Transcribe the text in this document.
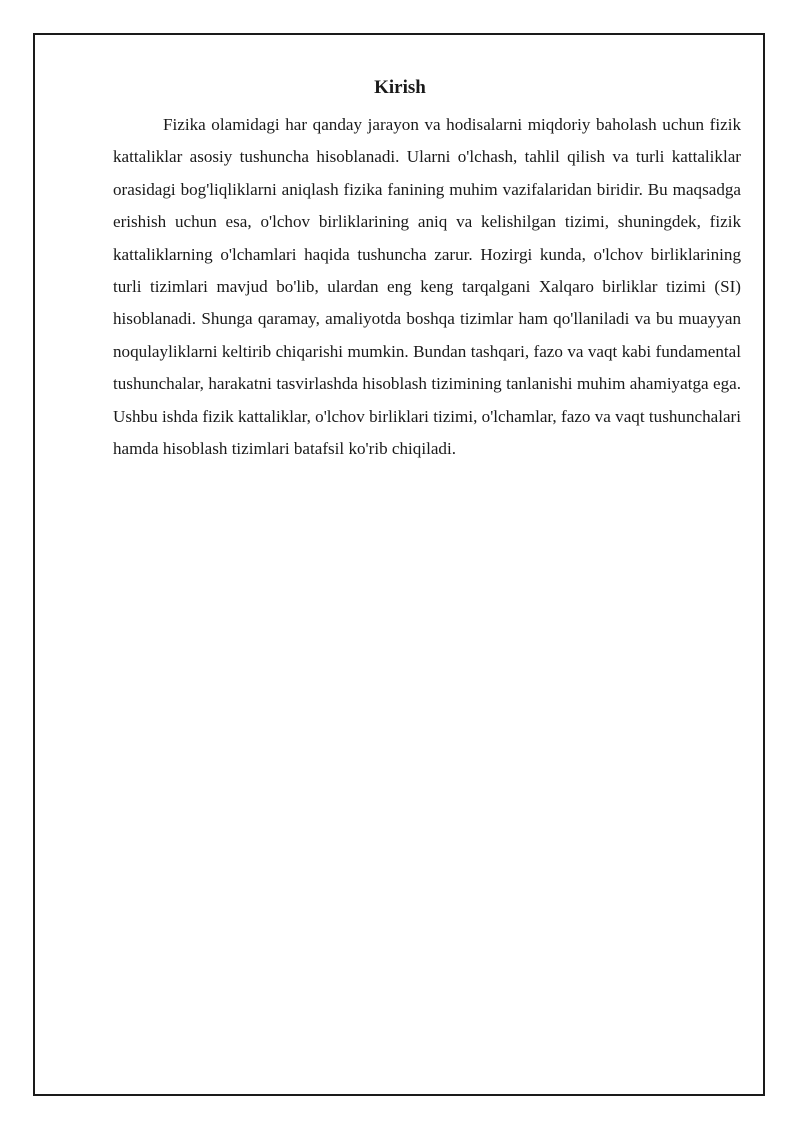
Kirish

Fizika olamidagi har qanday jarayon va hodisalarni miqdoriy baholash uchun fizik kattaliklar asosiy tushuncha hisoblanadi. Ularni o'lchash, tahlil qilish va turli kattaliklar orasidagi bog'liqliklarni aniqlash fizika fanining muhim vazifalaridan biridir. Bu maqsadga erishish uchun esa, o'lchov birliklarining aniq va kelishilgan tizimi, shuningdek, fizik kattaliklarning o'lchamlari haqida tushuncha zarur. Hozirgi kunda, o'lchov birliklarining turli tizimlari mavjud bo'lib, ulardan eng keng tarqalgani Xalqaro birliklar tizimi (SI) hisoblanadi. Shunga qaramay, amaliyotda boshqa tizimlar ham qo'llaniladi va bu muayyan noqulayliklarni keltirib chiqarishi mumkin. Bundan tashqari, fazo va vaqt kabi fundamental tushunchalar, harakatni tasvirlashda hisoblash tizimining tanlanishi muhim ahamiyatga ega. Ushbu ishda fizik kattaliklar, o'lchov birliklari tizimi, o'lchamlar, fazo va vaqt tushunchalari hamda hisoblash tizimlari batafsil ko'rib chiqiladi.
